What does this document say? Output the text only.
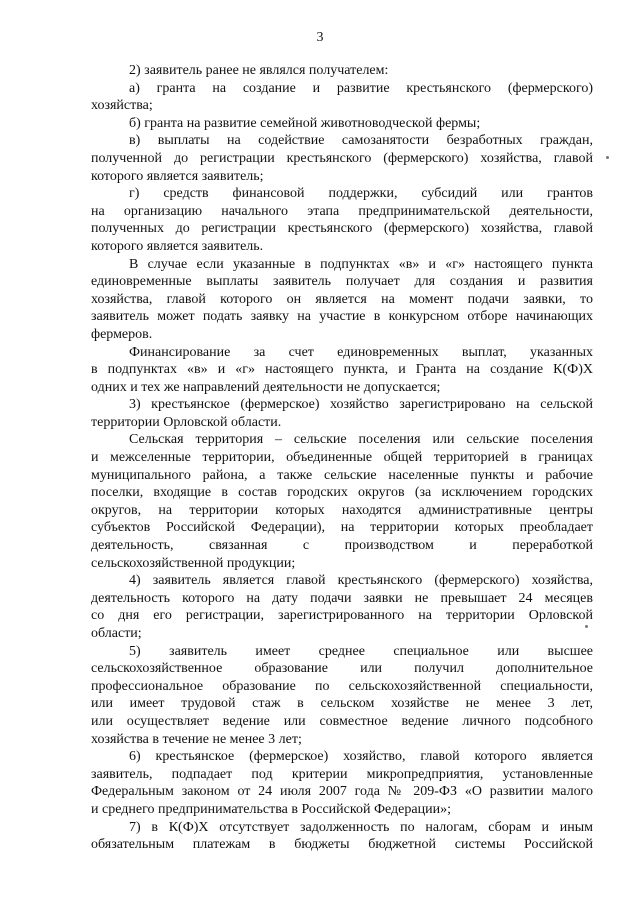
3
2) заявитель ранее не являлся получателем:
а) гранта на создание и развитие крестьянского (фермерского)
хозяйства;
б) гранта на развитие семейной животноводческой фермы;
в) выплаты на содействие самозанятости безработных граждан,
полученной до регистрации крестьянского (фермерского) хозяйства, главой
которого является заявитель;
г) средств финансовой поддержки, субсидий или грантов
на организацию начального этапа предпринимательской деятельности,
полученных до регистрации крестьянского (фермерского) хозяйства, главой
которого является заявитель.
В случае если указанные в подпунктах «в» и «г» настоящего пункта
единовременные выплаты заявитель получает для создания и развития
хозяйства, главой которого он является на момент подачи заявки, то
заявитель может подать заявку на участие в конкурсном отборе начинающих
фермеров.
Финансирование за счет единовременных выплат, указанных
в подпунктах «в» и «г» настоящего пункта, и Гранта на создание К(Ф)Х
одних и тех же направлений деятельности не допускается;
3) крестьянское (фермерское) хозяйство зарегистрировано на сельской
территории Орловской области.
Сельская территория – сельские поселения или сельские поселения
и межселенные территории, объединенные общей территорией в границах
муниципального района, а также сельские населенные пункты и рабочие
поселки, входящие в состав городских округов (за исключением городских
округов, на территории которых находятся административные центры
субъектов Российской Федерации), на территории которых преобладает
деятельность, связанная с производством и переработкой
сельскохозяйственной продукции;
4) заявитель является главой крестьянского (фермерского) хозяйства,
деятельность которого на дату подачи заявки не превышает 24 месяцев
со дня его регистрации, зарегистрированного на территории Орловской
области;
5) заявитель имеет среднее специальное или высшее
сельскохозяйственное образование или получил дополнительное
профессиональное образование по сельскохозяйственной специальности,
или имеет трудовой стаж в сельском хозяйстве не менее 3 лет,
или осуществляет ведение или совместное ведение личного подсобного
хозяйства в течение не менее 3 лет;
6) крестьянское (фермерское) хозяйство, главой которого является
заявитель, подпадает под критерии микропредприятия, установленные
Федеральным законом от 24 июля 2007 года № 209-ФЗ «О развитии малого
и среднего предпринимательства в Российской Федерации»;
7) в К(Ф)Х отсутствует задолженность по налогам, сборам и иным
обязательным платежам в бюджеты бюджетной системы Российской
